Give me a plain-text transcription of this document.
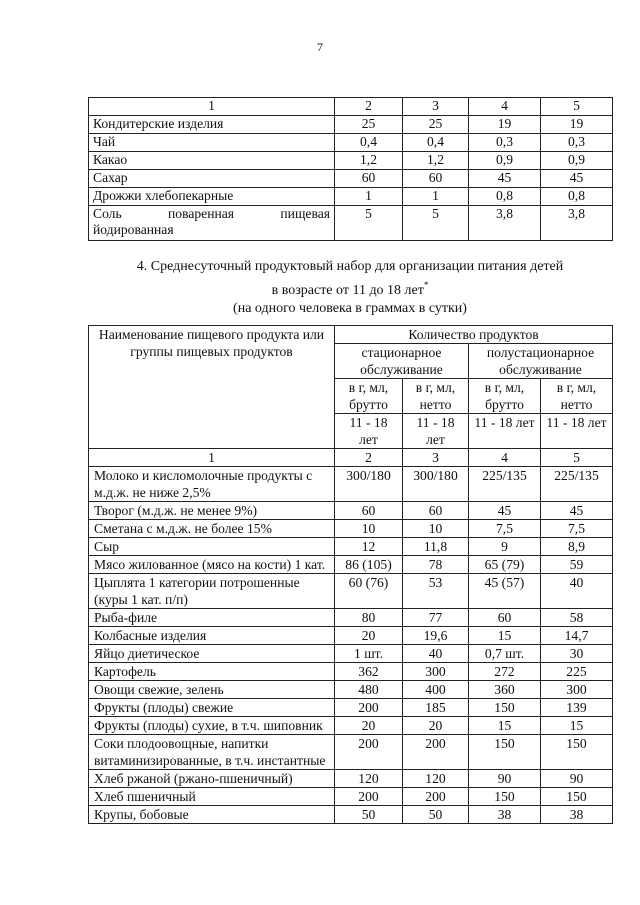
7
1	2	3	4	5
Кондитерские изделия	25	25	19	19
Чай	0,4	0,4	0,3	0,3
Какао	1,2	1,2	0,9	0,9
Сахар	60	60	45	45
Дрожжи хлебопекарные	1	1	0,8	0,8

Соль поваренная пищевая
йодированная	5	5	3,8	3,8
4. Среднесуточный продуктовый набор для организации питания детей
в возрасте от 11 до 18 лет*
(на одного человека в граммах в сутки)
Наименование пищевого продукта или группы пищевых продуктов	Количество продуктов			
	стационарное обслуживание		полустационарное обслуживание	
	в г, мл, брутто	в г, мл, нетто	в г, мл, брутто	в г, мл, нетто
	11 - 18 лет	11 - 18 лет	11 - 18 лет	11 - 18 лет
1	2	3	4	5
Молоко и кисломолочные продукты с м.д.ж. не ниже 2,5%	300/180	300/180	225/135	225/135
Творог (м.д.ж. не менее 9%)	60	60	45	45
Сметана с м.д.ж. не более 15%	10	10	7,5	7,5
Сыр	12	11,8	9	8,9
Мясо жилованное (мясо на кости) 1 кат.	86 (105)	78	65 (79)	59
Цыплята 1 категории потрошенные (куры 1 кат. п/п)	60 (76)	53	45 (57)	40
Рыба-филе	80	77	60	58
Колбасные изделия	20	19,6	15	14,7
Яйцо диетическое	1 шт.	40	0,7 шт.	30
Картофель	362	300	272	225
Овощи свежие, зелень	480	400	360	300
Фрукты (плоды) свежие	200	185	150	139
Фрукты (плоды) сухие, в т.ч. шиповник	20	20	15	15
Соки плодоовощные, напитки витаминизированные, в т.ч. инстантные	200	200	150	150
Хлеб ржаной (ржано-пшеничный)	120	120	90	90
Хлеб пшеничный	200	200	150	150
Крупы, бобовые	50	50	38	38
